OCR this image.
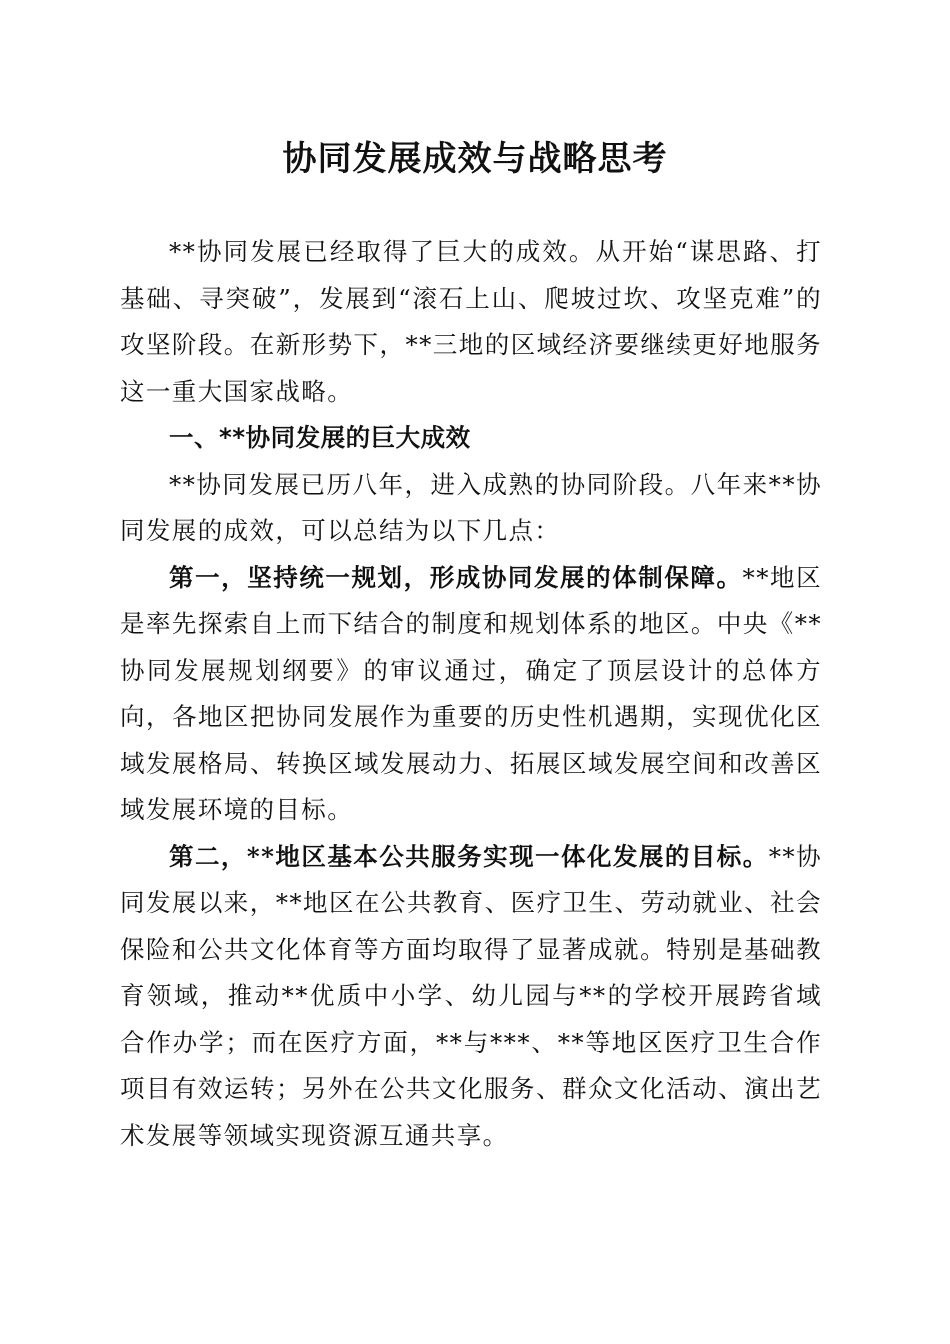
协同发展成效与战略思考

**协同发展已经取得了巨大的成效。从开始“谋思路、打基础、寻突破”，发展到“滚石上山、爬坡过坎、攻坚克难”的攻坚阶段。在新形势下，**三地的区域经济要继续更好地服务这一重大国家战略。

一、**协同发展的巨大成效

**协同发展已历八年，进入成熟的协同阶段。八年来**协同发展的成效，可以总结为以下几点：

第一，坚持统一规划，形成协同发展的体制保障。**地区是率先探索自上而下结合的制度和规划体系的地区。中央《**协同发展规划纲要》的审议通过，确定了顶层设计的总体方向，各地区把协同发展作为重要的历史性机遇期，实现优化区域发展格局、转换区域发展动力、拓展区域发展空间和改善区域发展环境的目标。

第二，**地区基本公共服务实现一体化发展的目标。**协同发展以来，**地区在公共教育、医疗卫生、劳动就业、社会保险和公共文化体育等方面均取得了显著成就。特别是基础教育领域，推动**优质中小学、幼儿园与**的学校开展跨省域合作办学；而在医疗方面，**与***、**等地区医疗卫生合作项目有效运转；另外在公共文化服务、群众文化活动、演出艺术发展等领域实现资源互通共享。
